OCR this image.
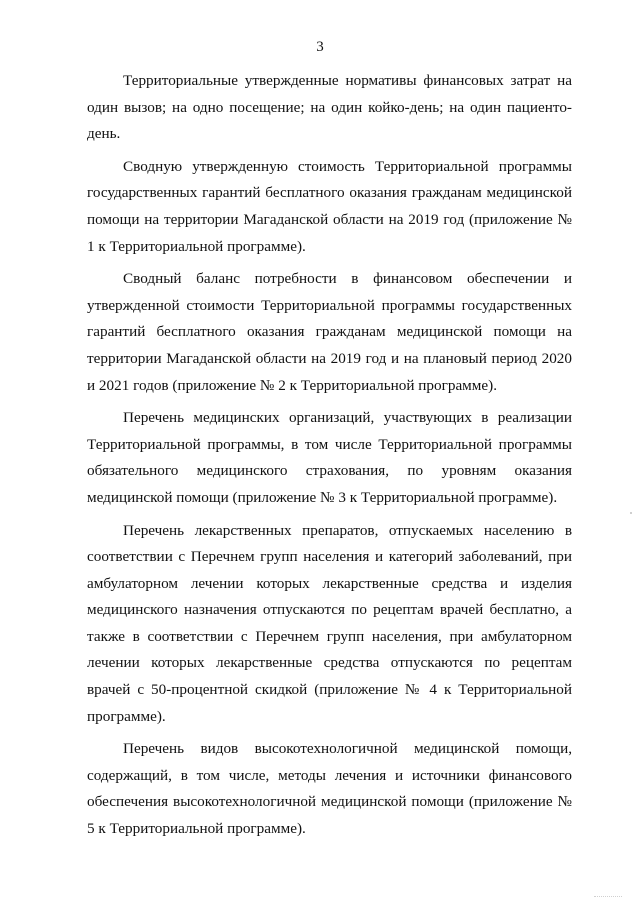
3

Территориальные утвержденные нормативы финансовых затрат на один вызов; на одно посещение; на один койко-день; на один пациенто-день.

Сводную утвержденную стоимость Территориальной программы государственных гарантий бесплатного оказания гражданам медицинской помощи на территории Магаданской области на 2019 год (приложение № 1 к Территориальной программе).

Сводный баланс потребности в финансовом обеспечении и утвержденной стоимости Территориальной программы государственных гарантий бесплатного оказания гражданам медицинской помощи на территории Магаданской области на 2019 год и на плановый период 2020 и 2021 годов (приложение № 2 к Территориальной программе).

Перечень медицинских организаций, участвующих в реализации Территориальной программы, в том числе Территориальной программы обязательного медицинского страхования, по уровням оказания медицинской помощи (приложение № 3 к Территориальной программе).

Перечень лекарственных препаратов, отпускаемых населению в соответствии с Перечнем групп населения и категорий заболеваний, при амбулаторном лечении которых лекарственные средства и изделия медицинского назначения отпускаются по рецептам врачей бесплатно, а также в соответствии с Перечнем групп населения, при амбулаторном лечении которых лекарственные средства отпускаются по рецептам врачей с 50-процентной скидкой (приложение № 4 к Территориальной программе).

Перечень видов высокотехнологичной медицинской помощи, содержащий, в том числе, методы лечения и источники финансового обеспечения высокотехнологичной медицинской помощи (приложение № 5 к Территориальной программе).
